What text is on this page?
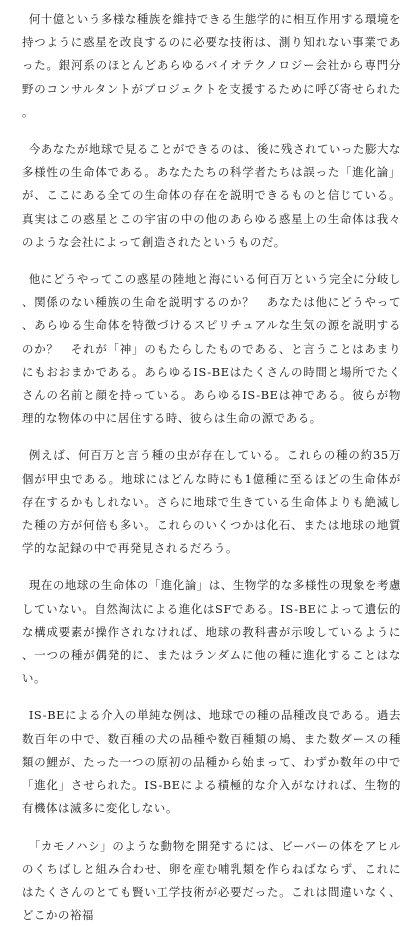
何十億という多様な種族を維持できる生態学的に相互作用する環境を持つように惑星を改良するのに必要な技術は、測り知れない事業であった。銀河系のほとんどあらゆるバイオテクノロジー会社から専門分野のコンサルタントがプロジェクトを支援するために呼び寄せられた。

今あなたが地球で見ることができるのは、後に残されていった膨大な多様性の生命体である。あなたたちの科学者たちは誤った「進化論」が、ここにある全ての生命体の存在を説明できるものと信じている。真実はこの惑星とこの宇宙の中の他のあらゆる惑星上の生命体は我々のような会社によって創造されたというものだ。

他にどうやってこの惑星の陸地と海にいる何百万という完全に分岐し、関係のない種族の生命を説明するのか？　あなたは他にどうやって、あらゆる生命体を特徴づけるスピリチュアルな生気の源を説明するのか？　それが「神」のもたらしたものである、と言うことはあまりにもおおまかである。あらゆるIS-BEはたくさんの時間と場所でたくさんの名前と顔を持っている。あらゆるIS-BEは神である。彼らが物理的な物体の中に居住する時、彼らは生命の源である。

例えば、何百万と言う種の虫が存在している。これらの種の約35万個が甲虫である。地球にはどんな時にも1億種に至るほどの生命体が存在するかもしれない。さらに地球で生きている生命体よりも絶滅した種の方が何倍も多い。これらのいくつかは化石、または地球の地質学的な記録の中で再発見されるだろう。

現在の地球の生命体の「進化論」は、生物学的な多様性の現象を考慮していない。自然淘汰による進化はSFである。IS-BEによって遺伝的な構成要素が操作されなければ、地球の教科書が示唆しているように、一つの種が偶発的に、またはランダムに他の種に進化することはない。

IS-BEによる介入の単純な例は、地球での種の品種改良である。過去数百年の中で、数百種の犬の品種や数百種類の鳩、また数ダースの種類の鯉が、たった一つの原初の品種から始まって、わずか数年の中で「進化」させられた。IS-BEによる積極的な介入がなければ、生物的有機体は滅多に変化しない。

「カモノハシ」のような動物を開発するには、ビーバーの体をアヒルのくちばしと組み合わせ、卵を産む哺乳類を作らねばならず、これにはたくさんのとても賢い工学技術が必要だった。これは間違いなく、どこかの裕福
